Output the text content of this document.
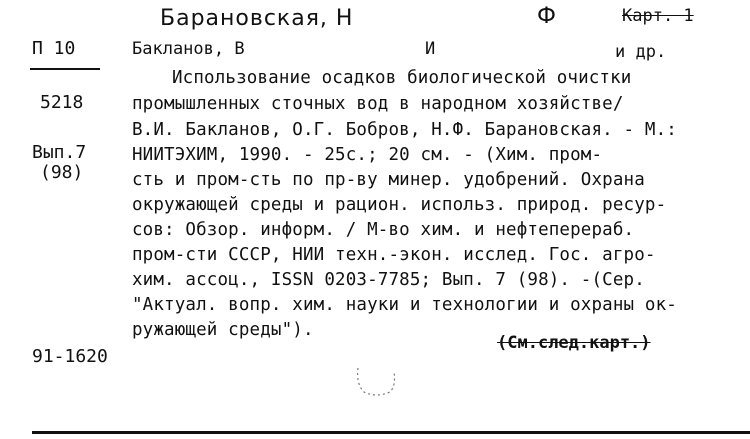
Барановская, Н	Ф	Карт. 1
П 10	Бакланов, В	И	и др.
5218
Вып.7
(98)
91-1620
Использование осадков биологической очистки
промышленных сточных вод в народном хозяйстве/
В.И. Бакланов, О.Г. Бобров, Н.Ф. Барановская. - М.:
НИИТЭХИМ, 1990. - 25с.; 20 см. - (Хим. пром-
сть и пром-сть по пр-ву минер. удобрений. Охрана
окружающей среды и рацион. использ. природ. ресур-
сов: Обзор. информ. / М-во хим. и нефтеперераб.
пром-сти СССР, НИИ техн.-экон. исслед. Гос. агро-
хим. ассоц., ISSN 0203-7785; Вып. 7 (98). -(Сер.
"Актуал. вопр. хим. науки и технологии и охраны ок-
ружающей среды").
(См.след.карт.)
